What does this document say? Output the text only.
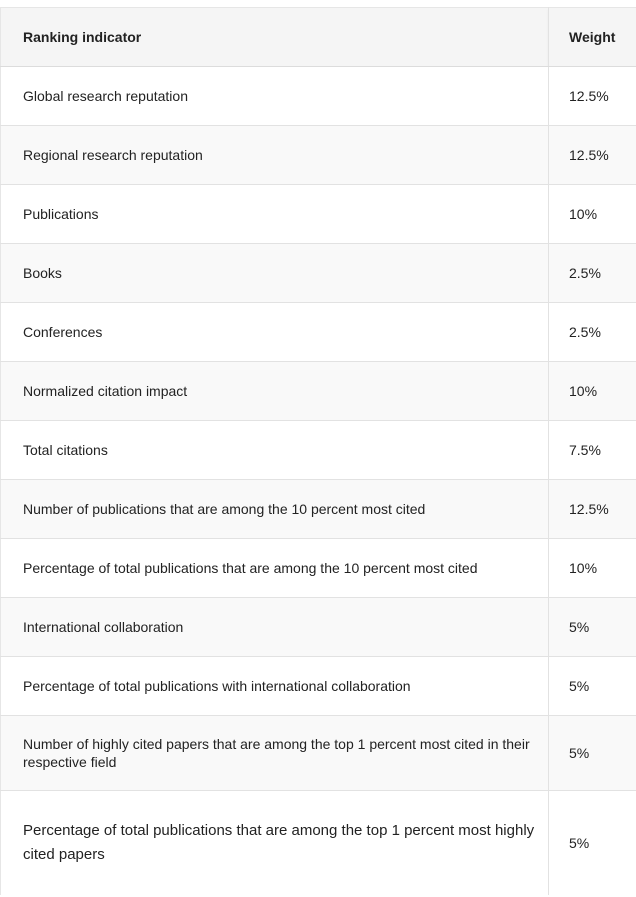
Ranking indicator	Weight
Global research reputation	12.5%
Regional research reputation	12.5%
Publications	10%
Books	2.5%
Conferences	2.5%
Normalized citation impact	10%
Total citations	7.5%
Number of publications that are among the 10 percent most cited	12.5%
Percentage of total publications that are among the 10 percent most cited	10%
International collaboration	5%
Percentage of total publications with international collaboration	5%
Number of highly cited papers that are among the top 1 percent most cited in their respective field	5%
Percentage of total publications that are among the top 1 percent most highly cited papers	5%
